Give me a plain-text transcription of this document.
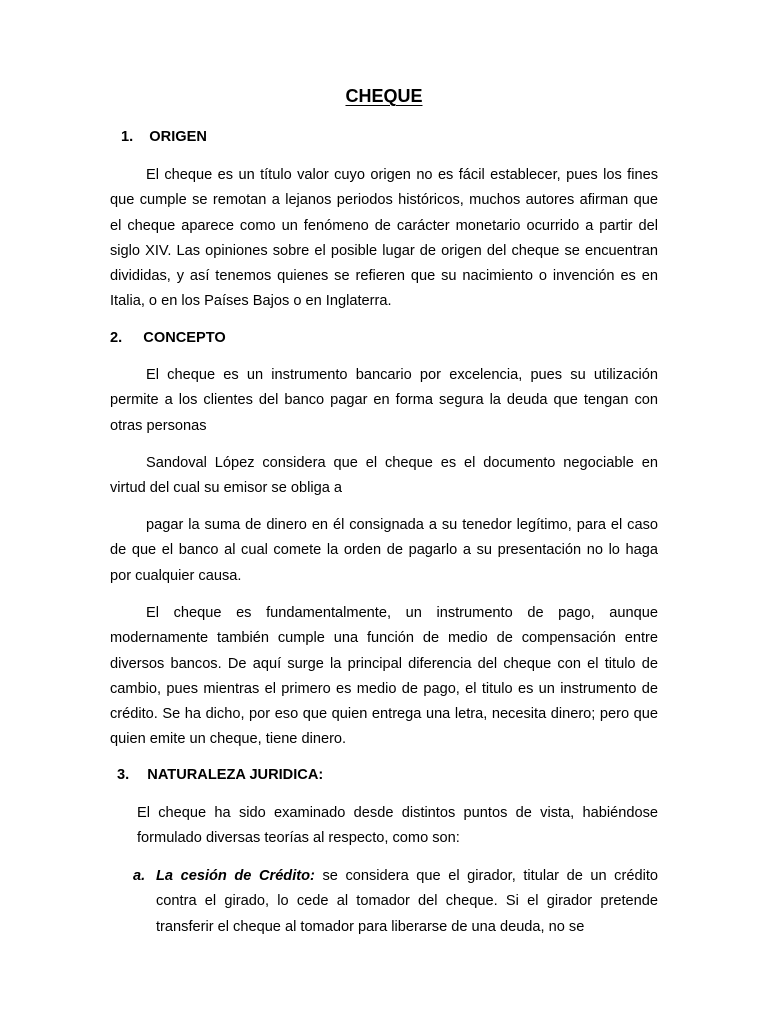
CHEQUE
1. ORIGEN

El cheque es un título valor cuyo origen no es fácil establecer, pues los fines que cumple se remotan a lejanos periodos históricos, muchos autores afirman que el cheque aparece como un fenómeno de carácter monetario ocurrido a partir del siglo XIV. Las opiniones sobre el posible lugar de origen del cheque se encuentran divididas, y así tenemos quienes se refieren que su nacimiento o invención es en Italia, o en los Países Bajos o en Inglaterra.

2. CONCEPTO

El cheque es un instrumento bancario por excelencia, pues su utilización permite a los clientes del banco pagar en forma segura la deuda que tengan con otras personas

Sandoval López considera que el cheque es el documento negociable en virtud del cual su emisor se obliga a

pagar la suma de dinero en él consignada a su tenedor legítimo, para el caso de que el banco al cual comete la orden de pagarlo a su presentación no lo haga por cualquier causa.

El cheque es fundamentalmente, un instrumento de pago, aunque modernamente también cumple una función de medio de compensación entre diversos bancos. De aquí surge la principal diferencia del cheque con el titulo de cambio, pues mientras el primero es medio de pago, el titulo es un instrumento de crédito. Se ha dicho, por eso que quien entrega una letra, necesita dinero; pero que quien emite un cheque, tiene dinero.

3. NATURALEZA JURIDICA:

El cheque ha sido examinado desde distintos puntos de vista, habiéndose formulado diversas teorías al respecto, como son:

a. La cesión de Crédito: se considera que el girador, titular de un crédito contra el girado, lo cede al tomador del cheque. Si el girador pretende transferir el cheque al tomador para liberarse de una deuda, no se
